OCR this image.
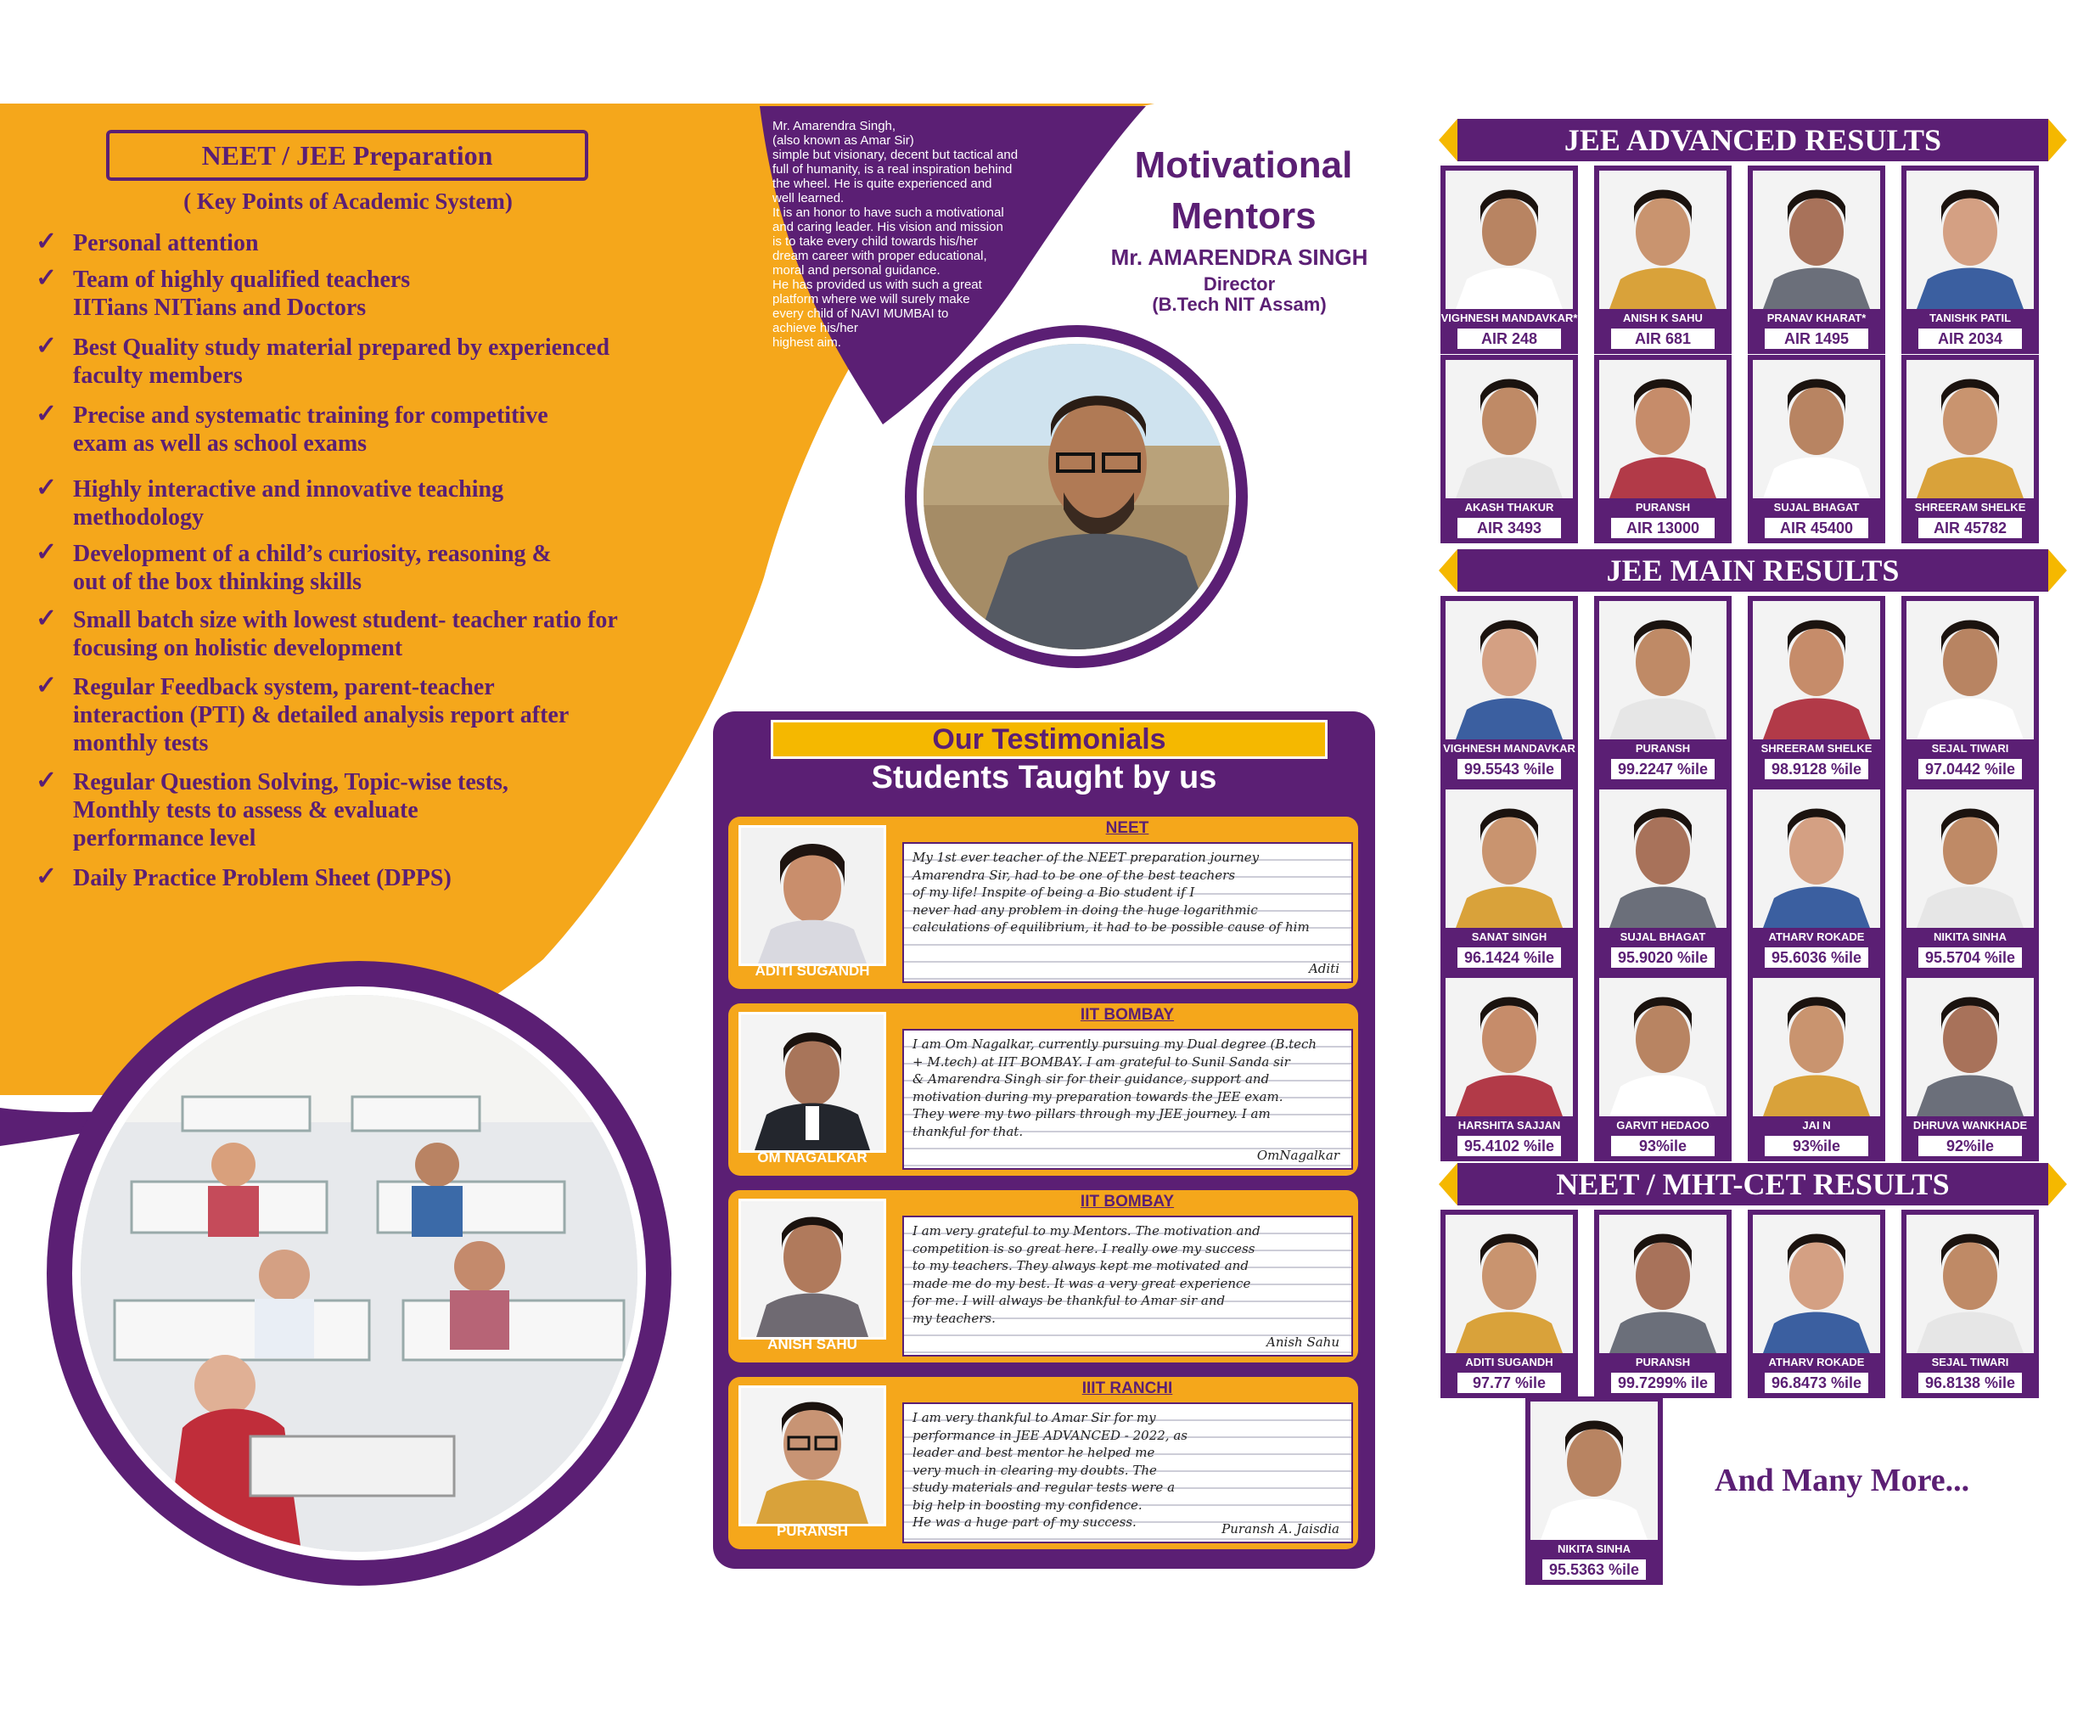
NEET / JEE Preparation
( Key Points of Academic System)
✓ Personal attention
✓ Team of highly qualified teachers
IITians NITians and Doctors
✓ Best Quality study material prepared by experienced
faculty members
✓ Precise and systematic training for competitive
exam as well as school exams
✓ Highly interactive and innovative teaching
methodology
✓ Development of a child’s curiosity, reasoning &
out of the box thinking skills
✓ Small batch size with lowest student- teacher ratio for
focusing on holistic development
✓ Regular Feedback system, parent-teacher
interaction (PTI) & detailed analysis report after
monthly tests
✓ Regular Question Solving, Topic-wise tests,
Monthly tests to assess & evaluate
performance level
✓ Daily Practice Problem Sheet (DPPS)
Mr. Amarendra Singh,
(also known as Amar Sir)
simple but visionary, decent but tactical and
full of humanity, is a real inspiration behind
the wheel. He is quite experienced and
well learned.
It is an honor to have such a motivational
and caring leader. His vision and mission
is to take every child towards his/her
dream career with proper educational,
moral and personal guidance.
He has provided us with such a great
platform where we will surely make
every child of NAVI MUMBAI to
achieve his/her
highest aim.
Motivational
Mentors
Mr. AMARENDRA SINGH
Director
(B.Tech NIT Assam)
Our Testimonials
Students Taught by us
ADITI SUGANDH
NEET
My 1st ever teacher of the NEET preparation journey
Amarendra Sir, had to be one of the best teachers
of my life! Inspite of being a Bio student if I
never had any problem in doing the huge logarithmic
calculations of equilibrium, it had to be possible cause of him
Aditi
OM NAGALKAR
IIT BOMBAY
I am Om Nagalkar, currently pursuing my Dual degree (B.tech
+ M.tech) at IIT BOMBAY. I am grateful to Sunil Sanda sir
& Amarendra Singh sir for their guidance, support and
motivation during my preparation towards the JEE exam.
They were my two pillars through my JEE journey. I am
thankful for that.
OmNagalkar
ANISH SAHU
IIT BOMBAY
I am very grateful to my Mentors. The motivation and
competition is so great here. I really owe my success
to my teachers. They always kept me motivated and
made me do my best. It was a very great experience
for me. I will always be thankful to Amar sir and
my teachers.
Anish Sahu
PURANSH
IIIT RANCHI
I am very thankful to Amar Sir for my
performance in JEE ADVANCED - 2022, as
leader and best mentor he helped me
very much in clearing my doubts. The
study materials and regular tests were a
big help in boosting my confidence.
He was a huge part of my success.	Puransh A. Jaisdia
JEE ADVANCED RESULTS
JEE MAIN RESULTS
NEET / MHT-CET RESULTS
VIGHNESH MANDAVKAR*
AIR 248
ANISH K SAHU
AIR 681
PRANAV KHARAT*
AIR 1495
TANISHK PATIL
AIR 2034
AKASH THAKUR
AIR 3493
PURANSH
AIR 13000
SUJAL BHAGAT
AIR 45400
SHREERAM SHELKE
AIR 45782
VIGHNESH MANDAVKAR
99.5543 %ile
PURANSH
99.2247 %ile
SHREERAM SHELKE
98.9128 %ile
SEJAL TIWARI
97.0442 %ile
SANAT SINGH
96.1424 %ile
SUJAL BHAGAT
95.9020 %ile
ATHARV ROKADE
95.6036 %ile
NIKITA SINHA
95.5704 %ile
HARSHITA SAJJAN
95.4102 %ile
GARVIT HEDAOO
93%ile
JAI N
93%ile
DHRUVA WANKHADE
92%ile
ADITI SUGANDH
97.77 %ile
PURANSH
99.7299% ile
ATHARV ROKADE
96.8473 %ile
SEJAL TIWARI
96.8138 %ile
NIKITA SINHA
95.5363 %ile
And Many More...
